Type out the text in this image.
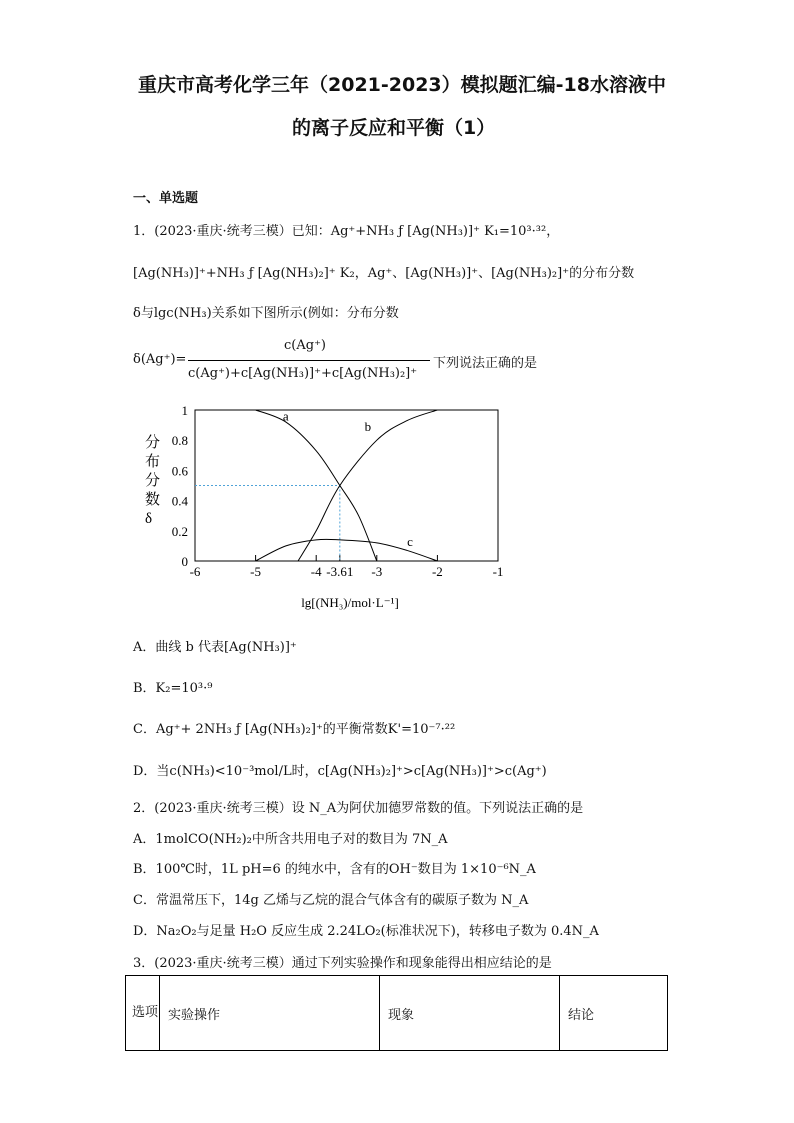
重庆市高考化学三年（2021-2023）模拟题汇编-18水溶液中
的离子反应和平衡（1）
一、单选题
1．(2023·重庆·统考三模）已知：Ag⁺+NH₃ ƒ [Ag(NH₃)]⁺ K₁=10³·³²，
[Ag(NH₃)]⁺+NH₃ ƒ [Ag(NH₃)₂]⁺ K₂，Ag⁺、[Ag(NH₃)]⁺、[Ag(NH₃)₂]⁺的分布分数
δ与lgc(NH₃)关系如下图所示(例如：分布分数
δ(Ag⁺)=
c(Ag⁺)
c(Ag⁺)+c[Ag(NH₃)]⁺+c[Ag(NH₃)₂]⁺
下列说法正确的是
分
布
分
数
δ
0
0.2
0.4
0.6
0.8
1
-6	-5	-4 -3.61 -3	-2	-1
a
b
c
lg[(NH₃)/mol·L⁻¹]
A．曲线 b 代表[Ag(NH₃)]⁺
B．K₂=10³·⁹
C．Ag⁺+ 2NH₃ ƒ [Ag(NH₃)₂]⁺的平衡常数K'=10⁻⁷·²²
D．当c(NH₃)<10⁻³mol/L时，c[Ag(NH₃)₂]⁺>c[Ag(NH₃)]⁺>c(Ag⁺)
2．(2023·重庆·统考三模）设 N_A为阿伏加德罗常数的值。下列说法正确的是
A．1molCO(NH₂)₂中所含共用电子对的数目为 7N_A
B．100℃时，1L pH=6 的纯水中，含有的OH⁻数目为 1×10⁻⁶N_A
C．常温常压下，14g 乙烯与乙烷的混合气体含有的碳原子数为 N_A
D．Na₂O₂与足量 H₂O 反应生成 2.24LO₂(标准状况下)，转移电子数为 0.4N_A
3．(2023·重庆·统考三模）通过下列实验操作和现象能得出相应结论的是
选项	实验操作	现象	结论
